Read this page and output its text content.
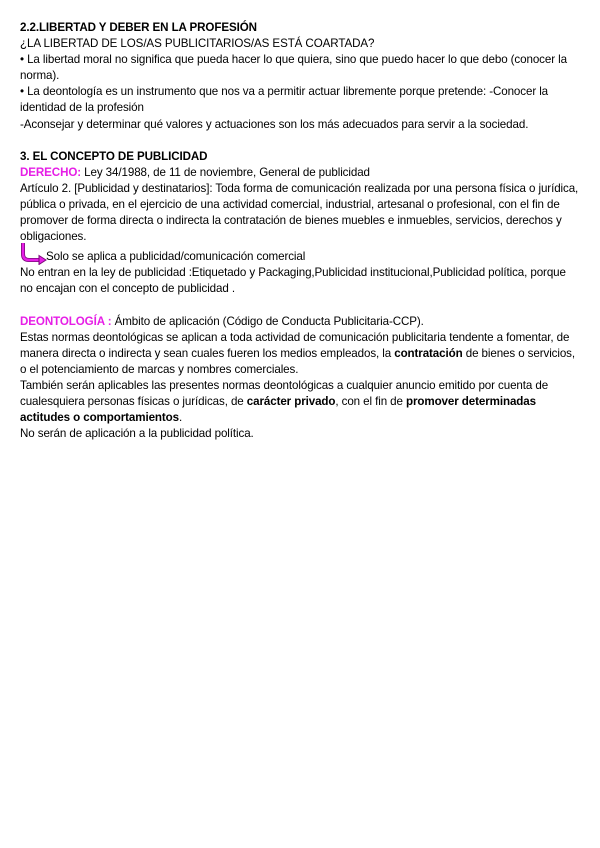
2.2.LIBERTAD Y DEBER EN LA PROFESIÓN

¿LA LIBERTAD DE LOS/AS PUBLICITARIOS/AS ESTÁ COARTADA?

• La libertad moral no significa que pueda hacer lo que quiera, sino que puedo hacer lo que debo (conocer la norma).

• La deontología es un instrumento que nos va a permitir actuar libremente porque pretende: -Conocer la identidad de la profesión

-Aconsejar y determinar qué valores y actuaciones son los más adecuados para servir a la sociedad.

3. EL CONCEPTO DE PUBLICIDAD

DERECHO: Ley 34/1988, de 11 de noviembre, General de publicidad

Artículo 2. [Publicidad y destinatarios]: Toda forma de comunicación realizada por una persona física o jurídica, pública o privada, en el ejercicio de una actividad comercial, industrial, artesanal o profesional, con el fin de promover de forma directa o indirecta la contratación de bienes muebles e inmuebles, servicios, derechos y obligaciones.

Solo se aplica a publicidad/comunicación comercial

No entran en la ley de publicidad :Etiquetado y Packaging,Publicidad institucional,Publicidad política, porque no encajan con el concepto de publicidad .

DEONTOLOGÍA : Ámbito de aplicación (Código de Conducta Publicitaria-CCP).

Estas normas deontológicas se aplican a toda actividad de comunicación publicitaria tendente a fomentar, de manera directa o indirecta y sean cuales fueren los medios empleados, la contratación de bienes o servicios, o el potenciamiento de marcas y nombres comerciales.

También serán aplicables las presentes normas deontológicas a cualquier anuncio emitido por cuenta de cualesquiera personas físicas o jurídicas, de carácter privado, con el fin de promover determinadas actitudes o comportamientos.

No serán de aplicación a la publicidad política.
